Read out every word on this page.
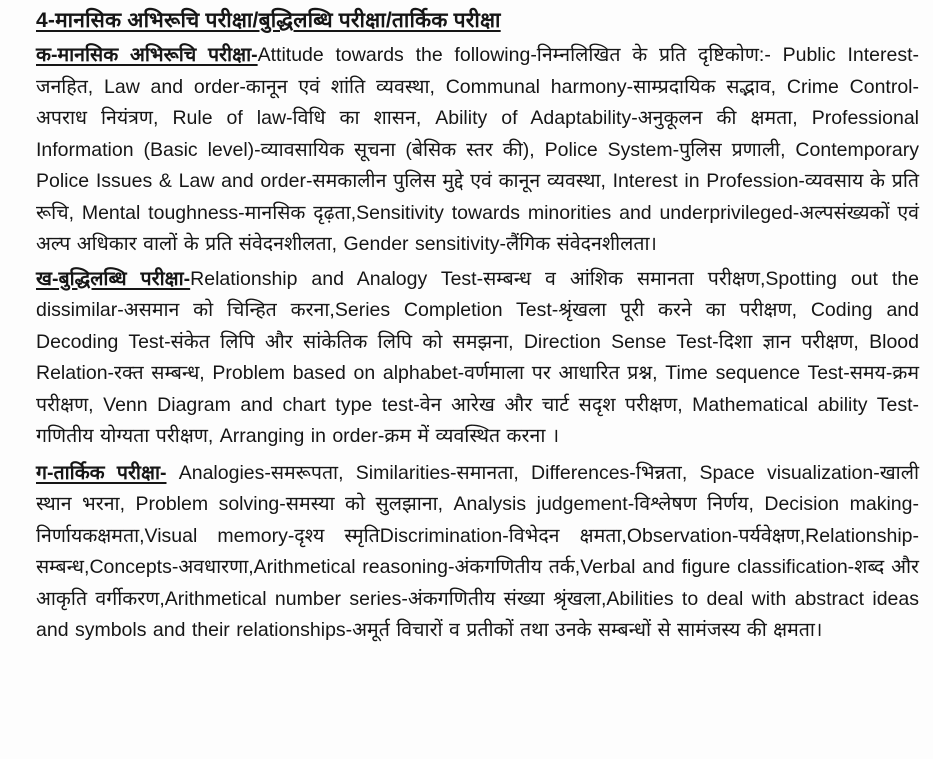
4-मानसिक अभिरूचि परीक्षा/बुद्धिलब्धि परीक्षा/तार्किक परीक्षा

क-मानसिक अभिरूचि परीक्षा-Attitude towards the following-निम्नलिखित के प्रति दृष्टिकोण:- Public Interest-जनहित, Law and order-कानून एवं शांति व्यवस्था, Communal harmony-साम्प्रदायिक सद्भाव, Crime Control-अपराध नियंत्रण, Rule of law-विधि का शासन, Ability of Adaptability-अनुकूलन की क्षमता, Professional Information (Basic level)-व्यावसायिक सूचना (बेसिक स्तर की), Police System-पुलिस प्रणाली, Contemporary Police Issues & Law and order-समकालीन पुलिस मुद्दे एवं कानून व्यवस्था, Interest in Profession-व्यवसाय के प्रति रूचि, Mental toughness-मानसिक दृढ़ता,Sensitivity towards minorities and underprivileged-अल्पसंख्यकों एवं अल्प अधिकार वालों के प्रति संवेदनशीलता, Gender sensitivity-लैंगिक संवेदनशीलता।

ख-बुद्धिलब्धि परीक्षा-Relationship and Analogy Test-सम्बन्ध व आंशिक समानता परीक्षण,Spotting out the dissimilar-असमान को चिन्हित करना,Series Completion Test-श्रृंखला पूरी करने का परीक्षण, Coding and Decoding Test-संकेत लिपि और सांकेतिक लिपि को समझना, Direction Sense Test-दिशा ज्ञान परीक्षण, Blood Relation-रक्त सम्बन्ध, Problem based on alphabet-वर्णमाला पर आधारित प्रश्न, Time sequence Test-समय-क्रम परीक्षण, Venn Diagram and chart type test-वेन आरेख और चार्ट सदृश परीक्षण, Mathematical ability Test-गणितीय योग्यता परीक्षण, Arranging in order-क्रम में व्यवस्थित करना ।

ग-तार्किक परीक्षा- Analogies-समरूपता, Similarities-समानता, Differences-भिन्नता, Space visualization-खाली स्थान भरना, Problem solving-समस्या को सुलझाना, Analysis judgement-विश्लेषण निर्णय, Decision making-निर्णायकक्षमता,Visual memory-दृश्य स्मृतिDiscrimination-विभेदन क्षमता,Observation-पर्यवेक्षण,Relationship-सम्बन्ध,Concepts-अवधारणा,Arithmetical reasoning-अंकगणितीय तर्क,Verbal and figure classification-शब्द और आकृति वर्गीकरण,Arithmetical number series-अंकगणितीय संख्या श्रृंखला,Abilities to deal with abstract ideas and symbols and their relationships-अमूर्त विचारों व प्रतीकों तथा उनके सम्बन्धों से सामंजस्य की क्षमता।
